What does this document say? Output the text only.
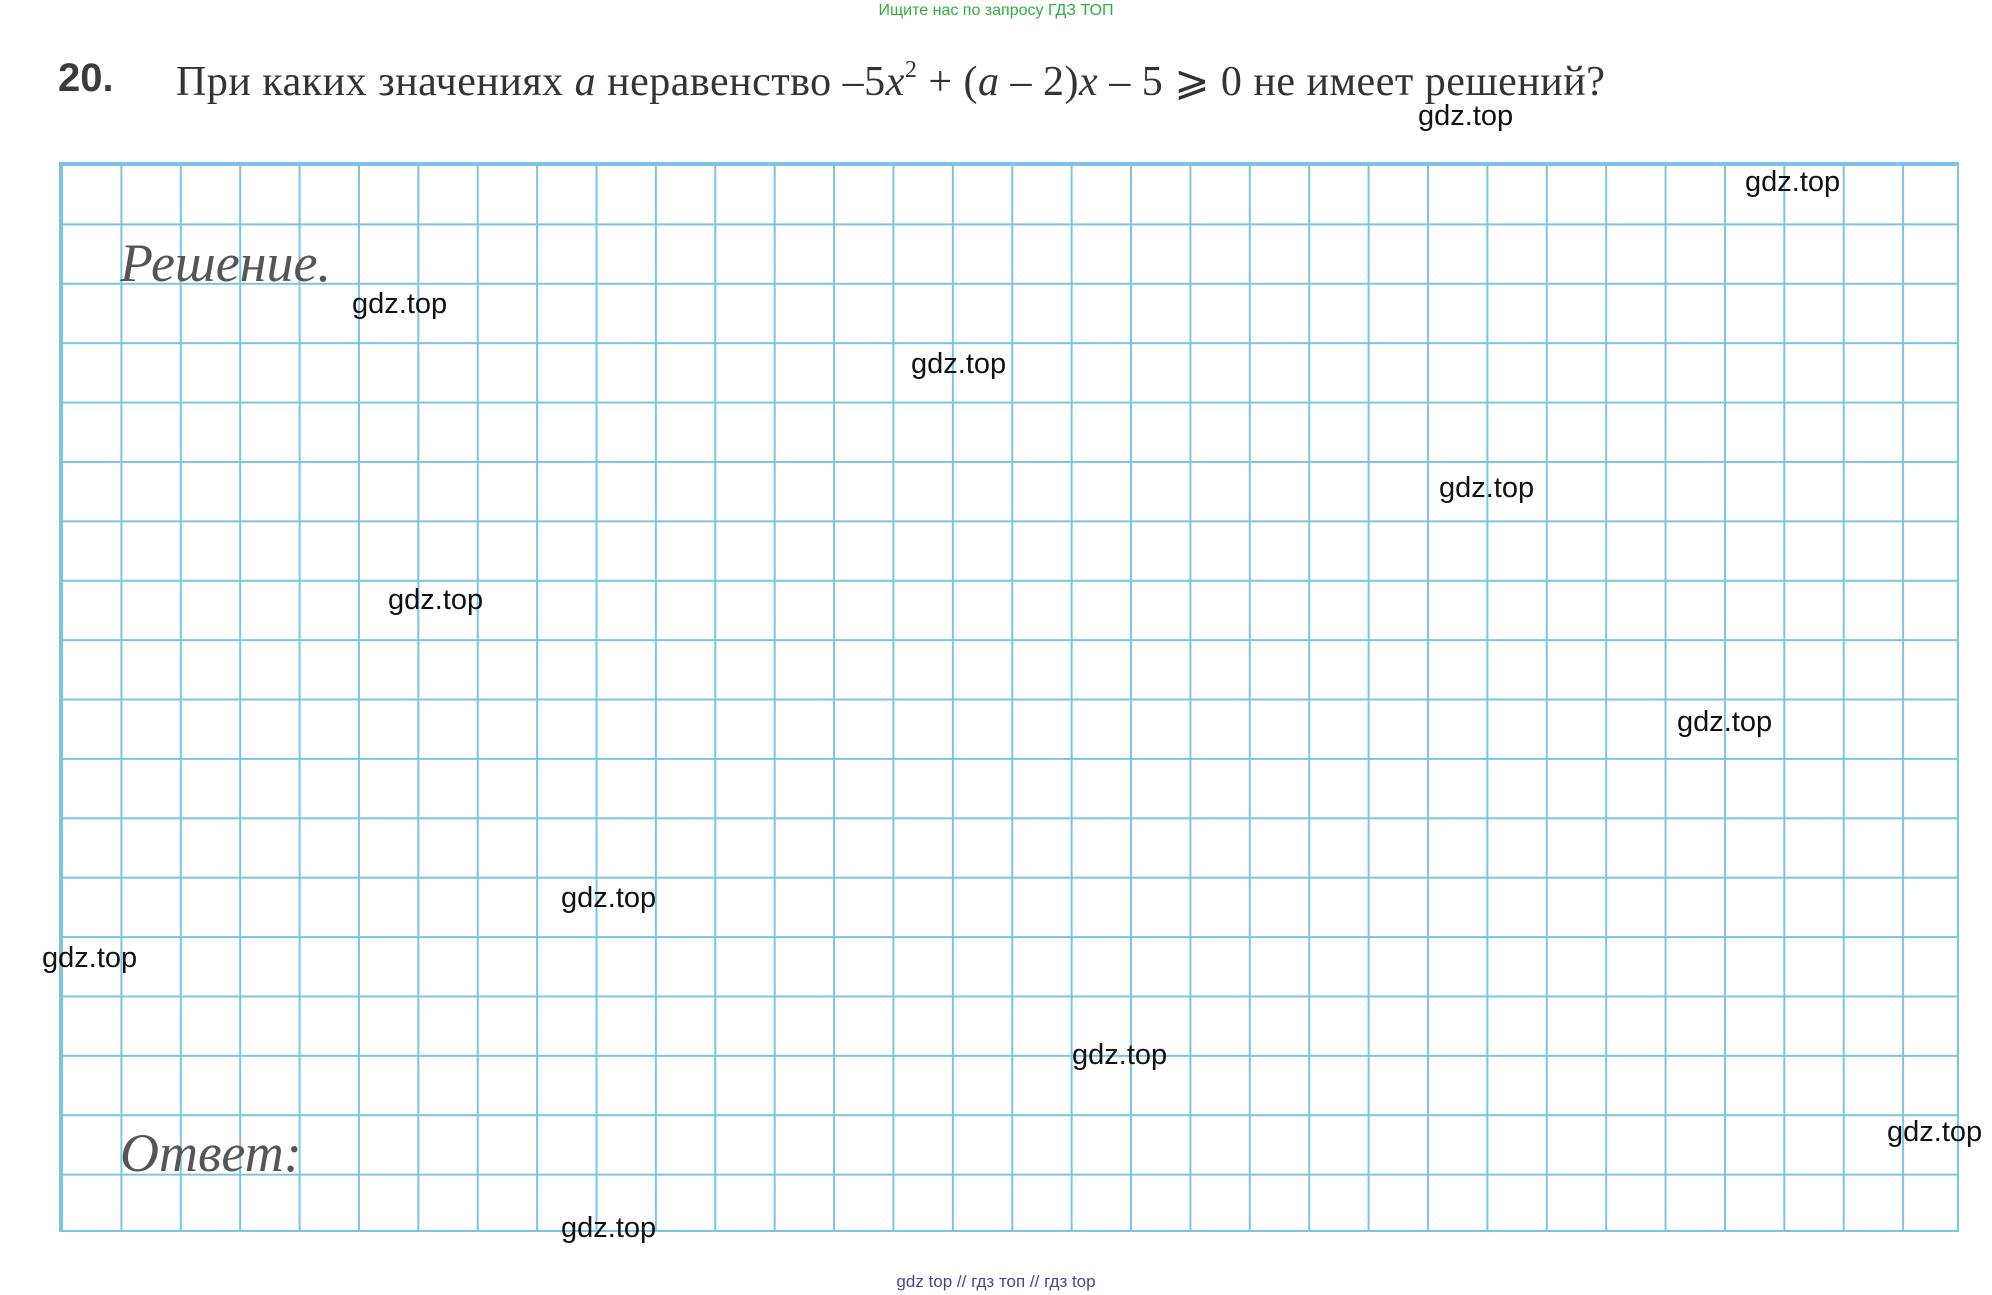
Ищите нас по запросу ГДЗ ТОП
20. При каких значениях a неравенство $-5x^2 + (a - 2)x - 5$ ⩾ 0 не имеет решений?
Решение.
Ответ:
gdz.top
gdz.top
gdz.top
gdz.top
gdz.top
gdz.top
gdz.top
gdz.top
gdz.top
gdz.top
gdz.top
gdz.top
gdz top // гдз топ // гдз top
